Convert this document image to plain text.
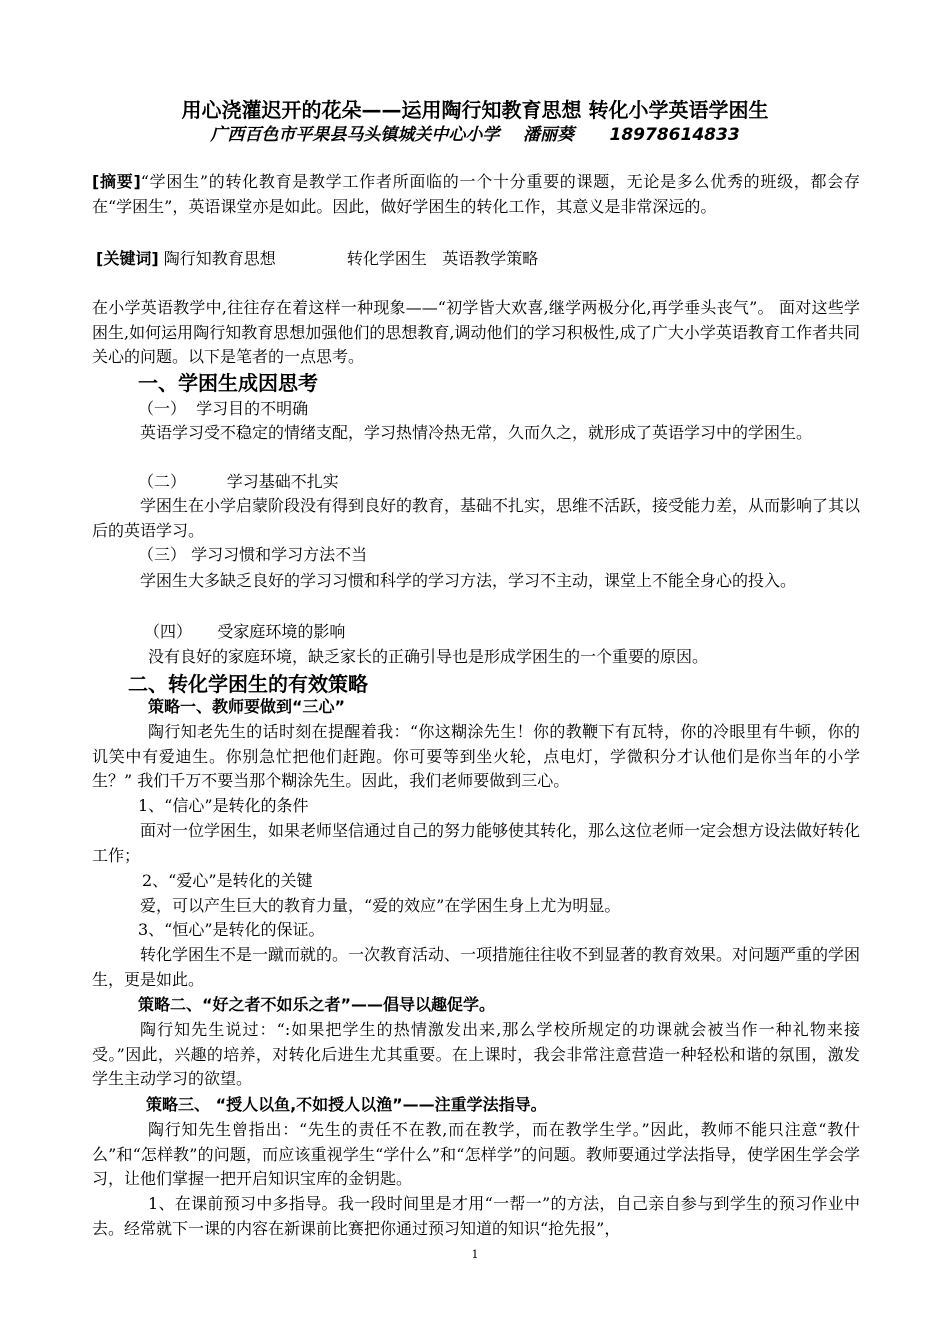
用心浇灌迟开的花朵——运用陶行知教育思想 转化小学英语学困生
广西百色市平果县马头镇城关中心小学    潘丽葵      18978614833
[摘要]“学困生”的转化教育是教学工作者所面临的一个十分重要的课题，无论是多么优秀的班级，都会存在“学困生”，英语课堂亦是如此。因此，做好学困生的转化工作，其意义是非常深远的。
[关键词] 陶行知教育思想              转化学困生   英语教学策略
在小学英语教学中,往往存在着这样一种现象——“初学皆大欢喜,继学两极分化,再学垂头丧气”。 面对这些学困生,如何运用陶行知教育思想加强他们的思想教育,调动他们的学习积极性,成了广大小学英语教育工作者共同关心的问题。以下是笔者的一点思考。
一、学困生成因思考
（一）  学习目的不明确
英语学习受不稳定的情绪支配，学习热情冷热无常，久而久之，就形成了英语学习中的学困生。
（二）        学习基础不扎实
学困生在小学启蒙阶段没有得到良好的教育，基础不扎实，思维不活跃，接受能力差，从而影响了其以后的英语学习。
（三） 学习习惯和学习方法不当
学困生大多缺乏良好的学习习惯和科学的学习方法，学习不主动，课堂上不能全身心的投入。
（四）     受家庭环境的影响
没有良好的家庭环境，缺乏家长的正确引导也是形成学困生的一个重要的原因。
二、转化学困生的有效策略
策略一、教师要做到“三心”
陶行知老先生的话时刻在提醒着我：“你这糊涂先生！你的教鞭下有瓦特，你的冷眼里有牛顿，你的讥笑中有爱迪生。你别急忙把他们赶跑。你可要等到坐火轮，点电灯，学微积分才认他们是你当年的小学生？” 我们千万不要当那个糊涂先生。因此，我们老师要做到三心。
1、“信心”是转化的条件
面对一位学困生，如果老师坚信通过自己的努力能够使其转化，那么这位老师一定会想方设法做好转化工作；
2、“爱心”是转化的关键
爱，可以产生巨大的教育力量，“爱的效应”在学困生身上尤为明显。
3、“恒心”是转化的保证。
转化学困生不是一蹴而就的。一次教育活动、一项措施往往收不到显著的教育效果。对问题严重的学困生，更是如此。
策略二、“好之者不如乐之者”——倡导以趣促学。
陶行知先生说过：“:如果把学生的热情激发出来,那么学校所规定的功课就会被当作一种礼物来接受。”因此，兴趣的培养，对转化后进生尤其重要。在上课时，我会非常注意营造一种轻松和谐的氛围，激发学生主动学习的欲望。
策略三、 “授人以鱼,不如授人以渔”——注重学法指导。
陶行知先生曾指出：“先生的责任不在教,而在教学，而在教学生学。”因此，教师不能只注意“教什么”和“怎样教”的问题，而应该重视学生“学什么”和“怎样学”的问题。教师要通过学法指导，使学困生学会学习，让他们掌握一把开启知识宝库的金钥匙。
1、在课前预习中多指导。我一段时间里是才用“一帮一”的方法，自己亲自参与到学生的预习作业中去。经常就下一课的内容在新课前比赛把你通过预习知道的知识“抢先报”，
1
